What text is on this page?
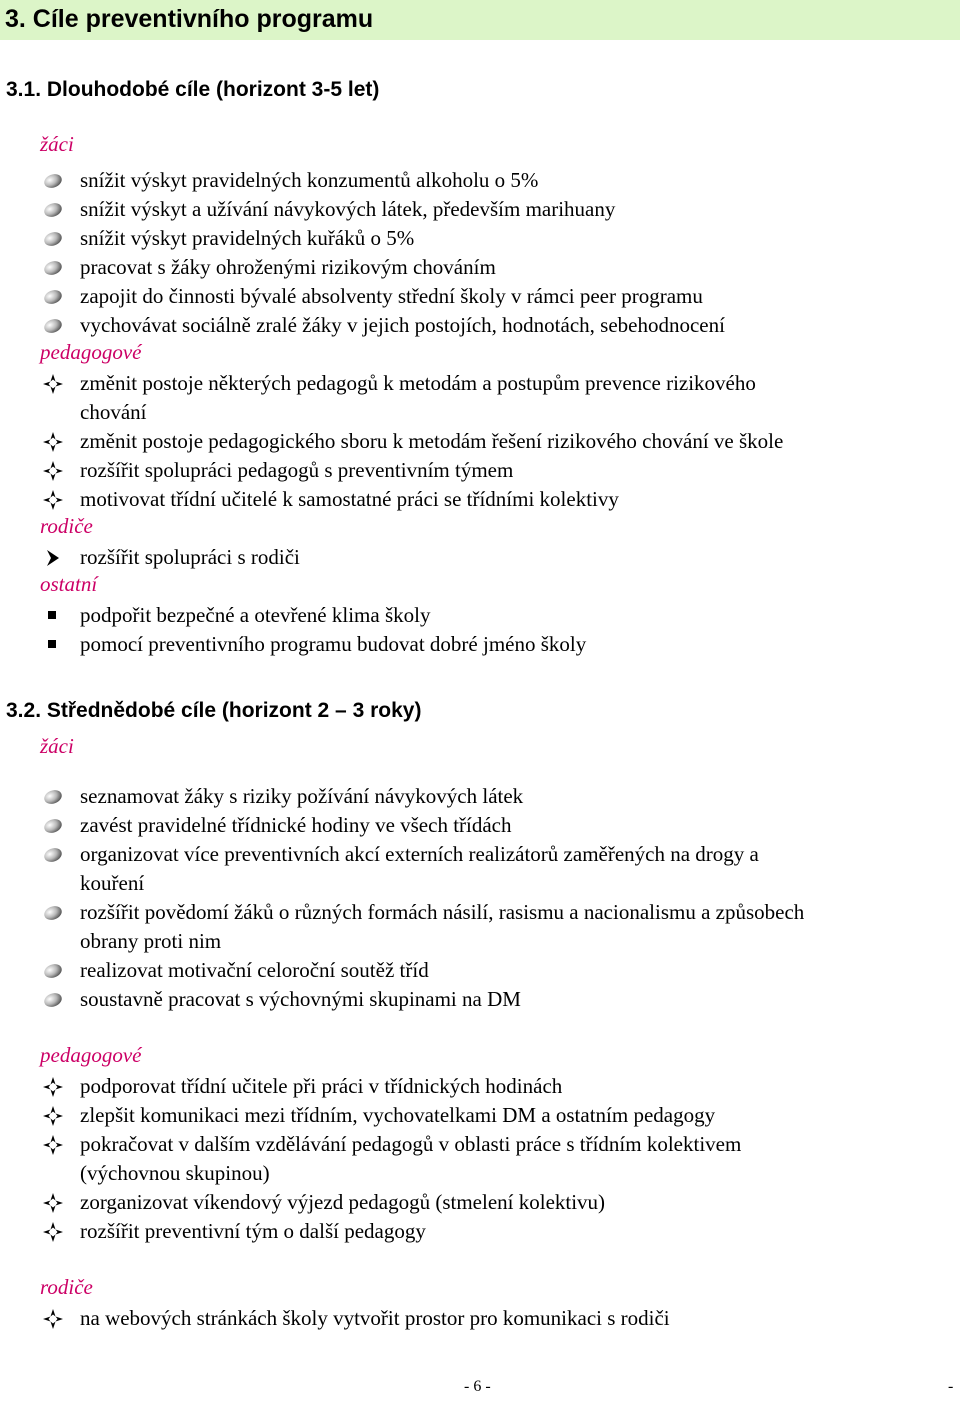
3. Cíle preventivního programu
3.1. Dlouhodobé cíle (horizont 3-5 let)
žáci
snížit výskyt pravidelných konzumentů alkoholu o 5%
snížit výskyt a užívání návykových látek, především marihuany
snížit výskyt pravidelných kuřáků o 5%
pracovat s žáky ohroženými rizikovým chováním
zapojit do činnosti bývalé absolventy střední školy v rámci peer programu
vychovávat sociálně zralé žáky v jejich postojích, hodnotách, sebehodnocení
pedagogové
změnit postoje některých pedagogů k metodám a postupům prevence rizikového
chování
změnit postoje pedagogického sboru k metodám řešení rizikového chování ve škole
rozšířit spolupráci pedagogů s preventivním týmem
motivovat třídní učitelé k samostatné práci se třídními kolektivy
rodiče
rozšířit spolupráci s rodiči
ostatní
podpořit bezpečné a otevřené klima školy
pomocí preventivního programu budovat dobré jméno školy
3.2. Střednědobé cíle (horizont 2 – 3 roky)
žáci
seznamovat žáky s riziky požívání návykových látek
zavést pravidelné třídnické hodiny ve všech třídách
organizovat více preventivních akcí externích realizátorů zaměřených na drogy a
kouření
rozšířit povědomí žáků o různých formách násilí, rasismu a nacionalismu a způsobech
obrany proti nim
realizovat motivační celoroční soutěž tříd
soustavně pracovat s výchovnými skupinami na DM
pedagogové
podporovat třídní učitele při práci v třídnických hodinách
zlepšit komunikaci mezi třídním, vychovatelkami DM a ostatním pedagogy
pokračovat v dalším vzdělávání pedagogů v oblasti práce s třídním kolektivem
(výchovnou skupinou)
zorganizovat víkendový výjezd pedagogů (stmelení kolektivu)
rozšířit preventivní tým o další pedagogy
rodiče
na webových stránkách školy vytvořit prostor pro komunikaci s rodiči
- 6 -	-
